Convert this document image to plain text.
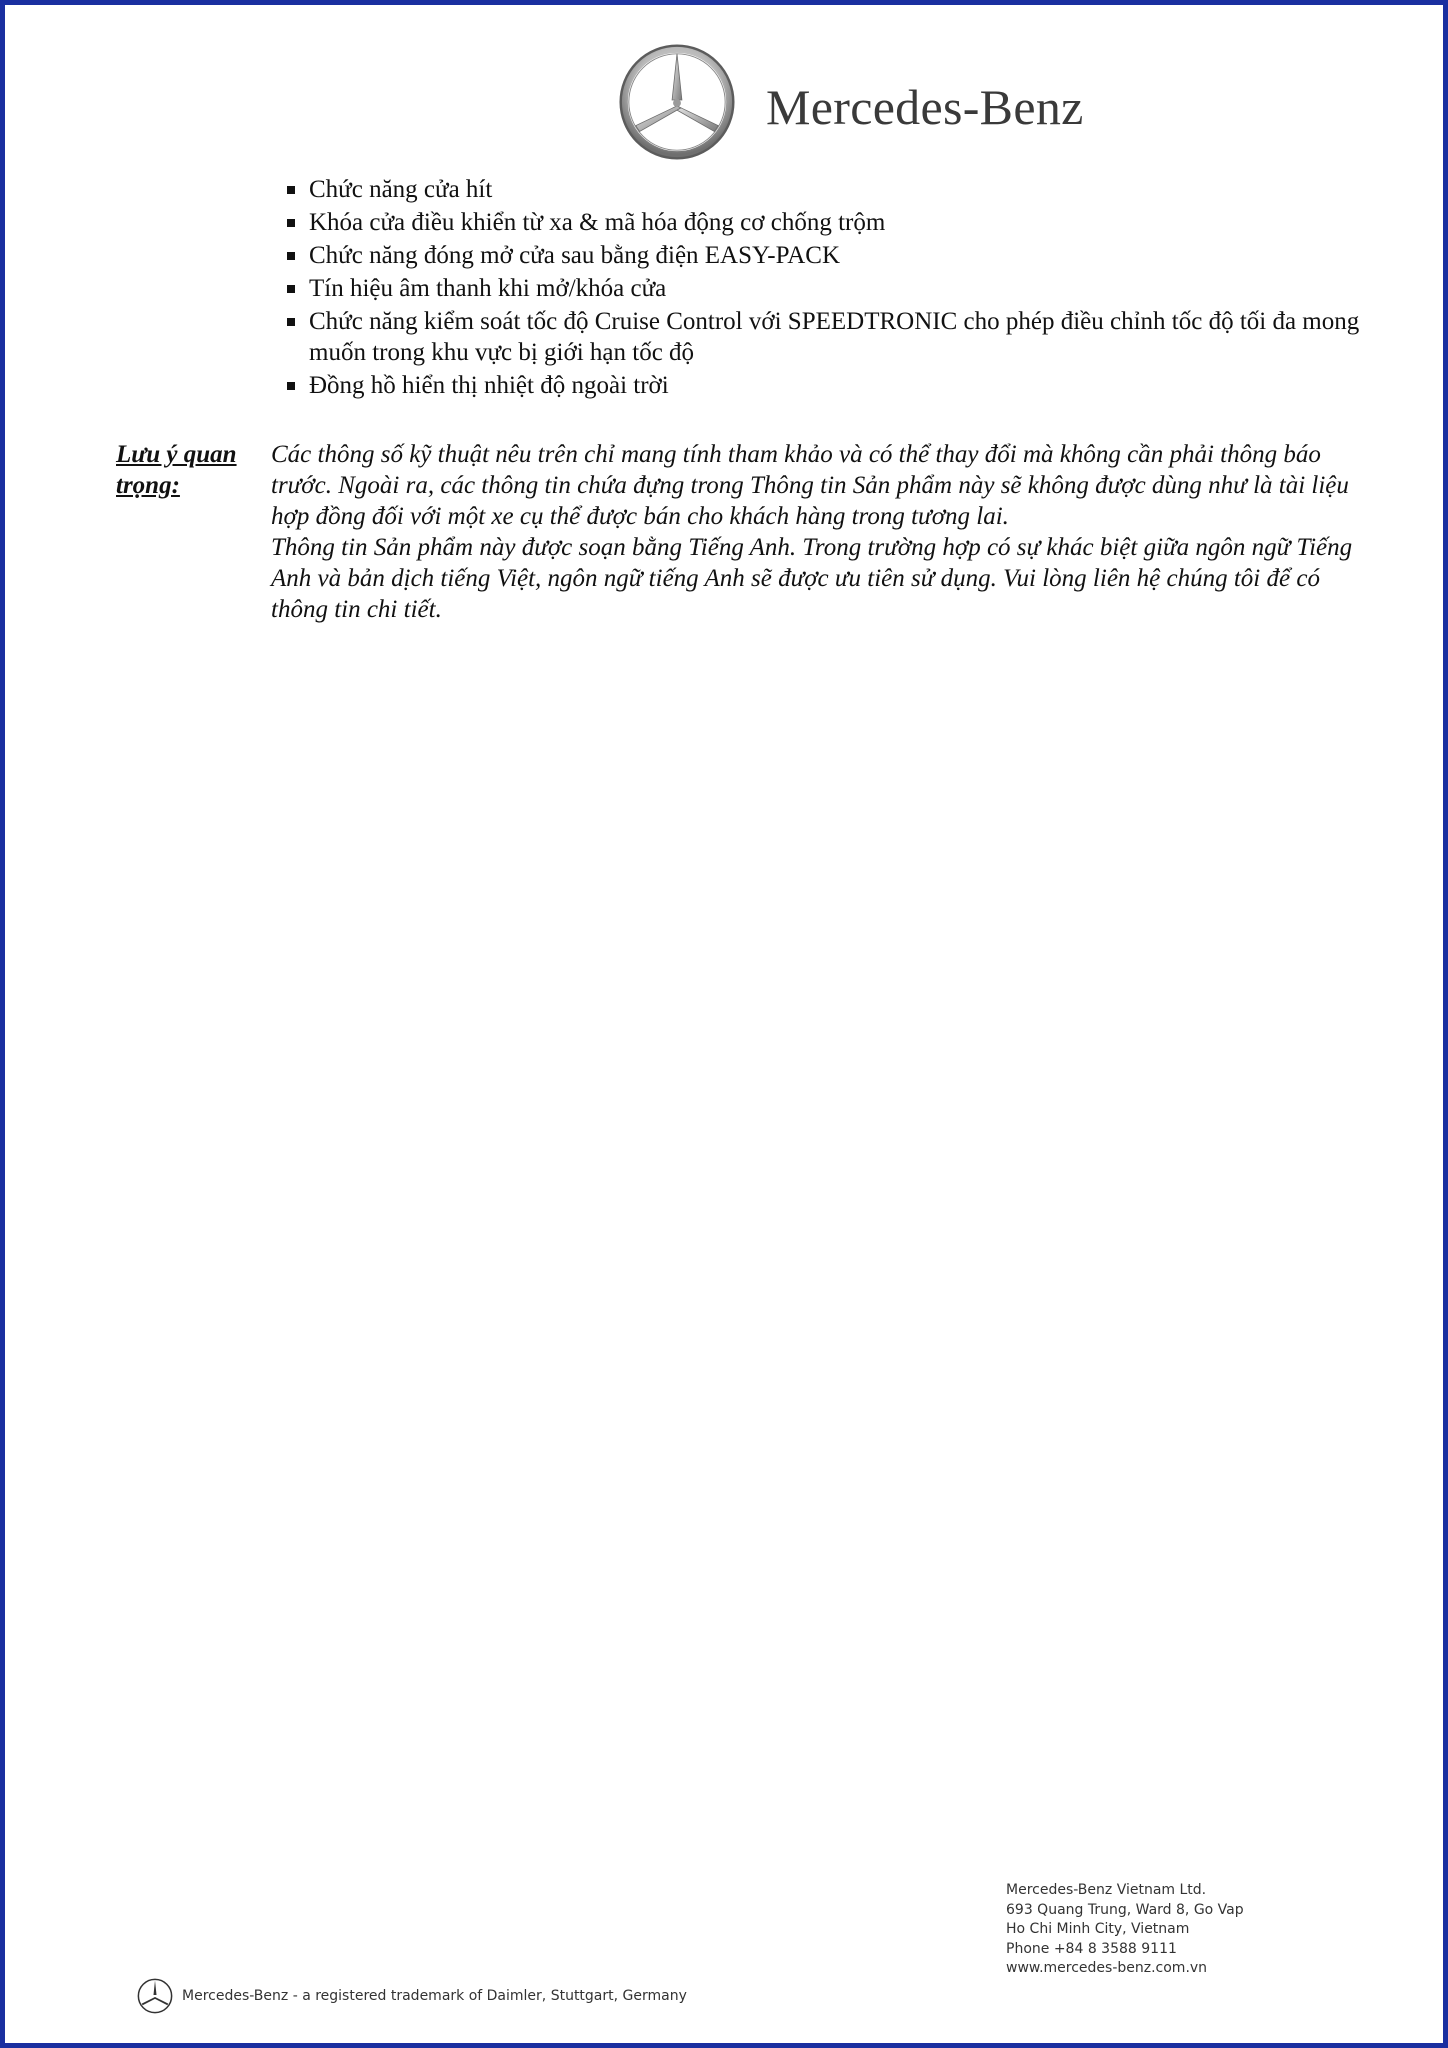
Mercedes-Benz
Chức năng cửa hít
Khóa cửa điều khiển từ xa & mã hóa động cơ chống trộm
Chức năng đóng mở cửa sau bằng điện EASY-PACK
Tín hiệu âm thanh khi mở/khóa cửa
Chức năng kiểm soát tốc độ Cruise Control với SPEEDTRONIC cho phép điều chỉnh tốc độ tối đa mong muốn trong khu vực bị giới hạn tốc độ
Đồng hồ hiển thị nhiệt độ ngoài trời
Lưu ý quan trọng:

Các thông số kỹ thuật nêu trên chỉ mang tính tham khảo và có thể thay đổi mà không cần phải thông báo trước. Ngoài ra, các thông tin chứa đựng trong Thông tin Sản phẩm này sẽ không được dùng như là tài liệu hợp đồng đối với một xe cụ thể được bán cho khách hàng trong tương lai.

Thông tin Sản phẩm này được soạn bằng Tiếng Anh. Trong trường hợp có sự khác biệt giữa ngôn ngữ Tiếng Anh và bản dịch tiếng Việt, ngôn ngữ tiếng Anh sẽ được ưu tiên sử dụng. Vui lòng liên hệ chúng tôi để có thông tin chi tiết.

Mercedes-Benz Vietnam Ltd.
693 Quang Trung, Ward 8, Go Vap
Ho Chi Minh City, Vietnam
Phone +84 8 3588 9111
www.mercedes-benz.com.vn
Mercedes-Benz - a registered trademark of Daimler, Stuttgart, Germany
